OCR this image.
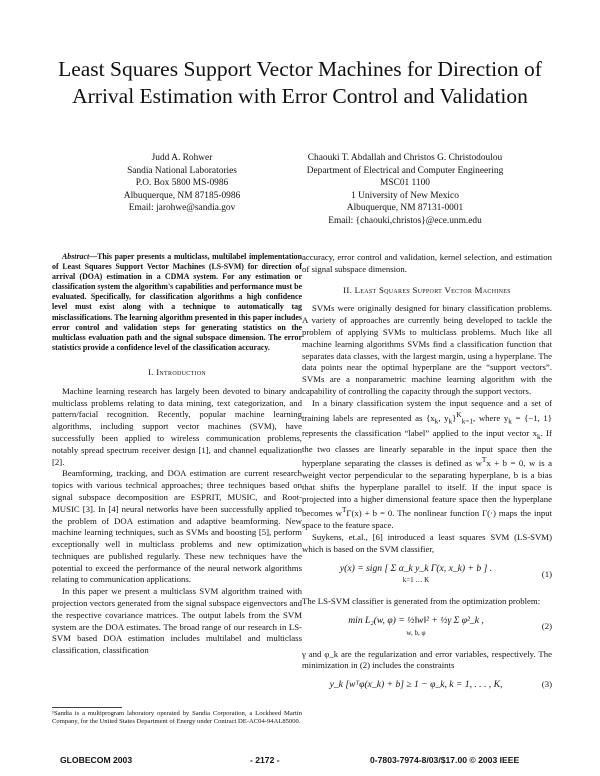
Least Squares Support Vector Machines for Direction of Arrival Estimation with Error Control and Validation
Judd A. Rohwer
Sandia National Laboratories
P.O. Box 5800 MS-0986
Albuquerque, NM 87185-0986
Email: jarohwe@sandia.gov
Chaouki T. Abdallah and Christos G. Christodoulou
Department of Electrical and Computer Engineering
MSC01 1100
1 University of New Mexico
Albuquerque, NM 87131-0001
Email: {chaouki,christos}@ece.unm.edu
Abstract—This paper presents a multiclass, multilabel implementation of Least Squares Support Vector Machines (LS-SVM) for direction of arrival (DOA) estimation in a CDMA system. For any estimation or classification system the algorithm's capabilities and performance must be evaluated. Specifically, for classification algorithms a high confidence level must exist along with a technique to automatically tag misclassifications. The learning algorithm presented in this paper includes error control and validation steps for generating statistics on the multiclass evaluation path and the signal subspace dimension. The error statistics provide a confidence level of the classification accuracy.
I. Introduction

Machine learning research has largely been devoted to binary and multiclass problems relating to data mining, text categorization, and pattern/facial recognition. Recently, popular machine learning algorithms, including support vector machines (SVM), have successfully been applied to wireless communication problems, notably spread spectrum receiver design [1], and channel equalization [2].

Beamforming, tracking, and DOA estimation are current research topics with various technical approaches; three techniques based on signal subspace decomposition are ESPRIT, MUSIC, and Root-MUSIC [3]. In [4] neural networks have been successfully applied to the problem of DOA estimation and adaptive beamforming. New machine learning techniques, such as SVMs and boosting [5], perform exceptionally well in multiclass problems and new optimization techniques are published regularly. These new techniques have the potential to exceed the performance of the neural network algorithms relating to communication applications.

In this paper we present a multiclass SVM algorithm trained with projection vectors generated from the signal subspace eigenvectors and the respective covariance matrices. The output labels from the SVM system are the DOA estimates. The broad range of our research in LS-SVM based DOA estimation includes multilabel and multiclass classification, classification

¹Sandia is a multiprogram laboratory operated by Sandia Corporation, a Lockheed Martin Company, for the United States Department of Energy under Contract DE-AC04-94AL85000.

accuracy, error control and validation, kernel selection, and estimation of signal subspace dimension.

II. Least Squares Support Vector Machines

SVMs were originally designed for binary classification problems. A variety of approaches are currently being developed to tackle the problem of applying SVMs to multiclass problems. Much like all machine learning algorithms SVMs find a classification function that separates data classes, with the largest margin, using a hyperplane. The data points near the optimal hyperplane are the “support vectors”. SVMs are a nonparametric machine learning algorithm with the capability of controlling the capacity through the support vectors.

In a binary classification system the input sequence and a set of training labels are represented as {$x_k$, $y_k\}^K_{k=1}$, where $y_k = \{-1$, 1} represents the classification “label” applied to the input vector $x_k$. If the two classes are linearly separable in the input space then the hyperplane separating the classes is defined as $w^Tx + b = 0$, w is a weight vector perpendicular to the separating hyperplane, b is a bias that shifts the hyperplane parallel to itself. If the input space is projected into a higher dimensional feature space then the hyperplane becomes $w^T\Gamma(x) + b = 0$. The nonlinear function Γ(·) maps the input space to the feature space.

Suykens, et.al., [6] introduced a least squares SVM (LS-SVM) which is based on the SVM classifier,

y(x) = sign [ Σ α_k y_k Γ(x, x_k) + b ] .
k=1 … K
(1)

The LS-SVM classifier is generated from the optimization problem:

min L₂(w, φ) = ½‖w‖² + ½γ Σ φ²_k ,
w, b, φ
(2)

γ and φ_k are the regularization and error variables, respectively. The minimization in (2) includes the constraints

y_k [wᵀφ(x_k) + b] ≥ 1 − φ_k, k = 1, . . . , K,	(3)
GLOBECOM 2003	- 2172 -	0-7803-7974-8/03/$17.00 © 2003 IEEE
